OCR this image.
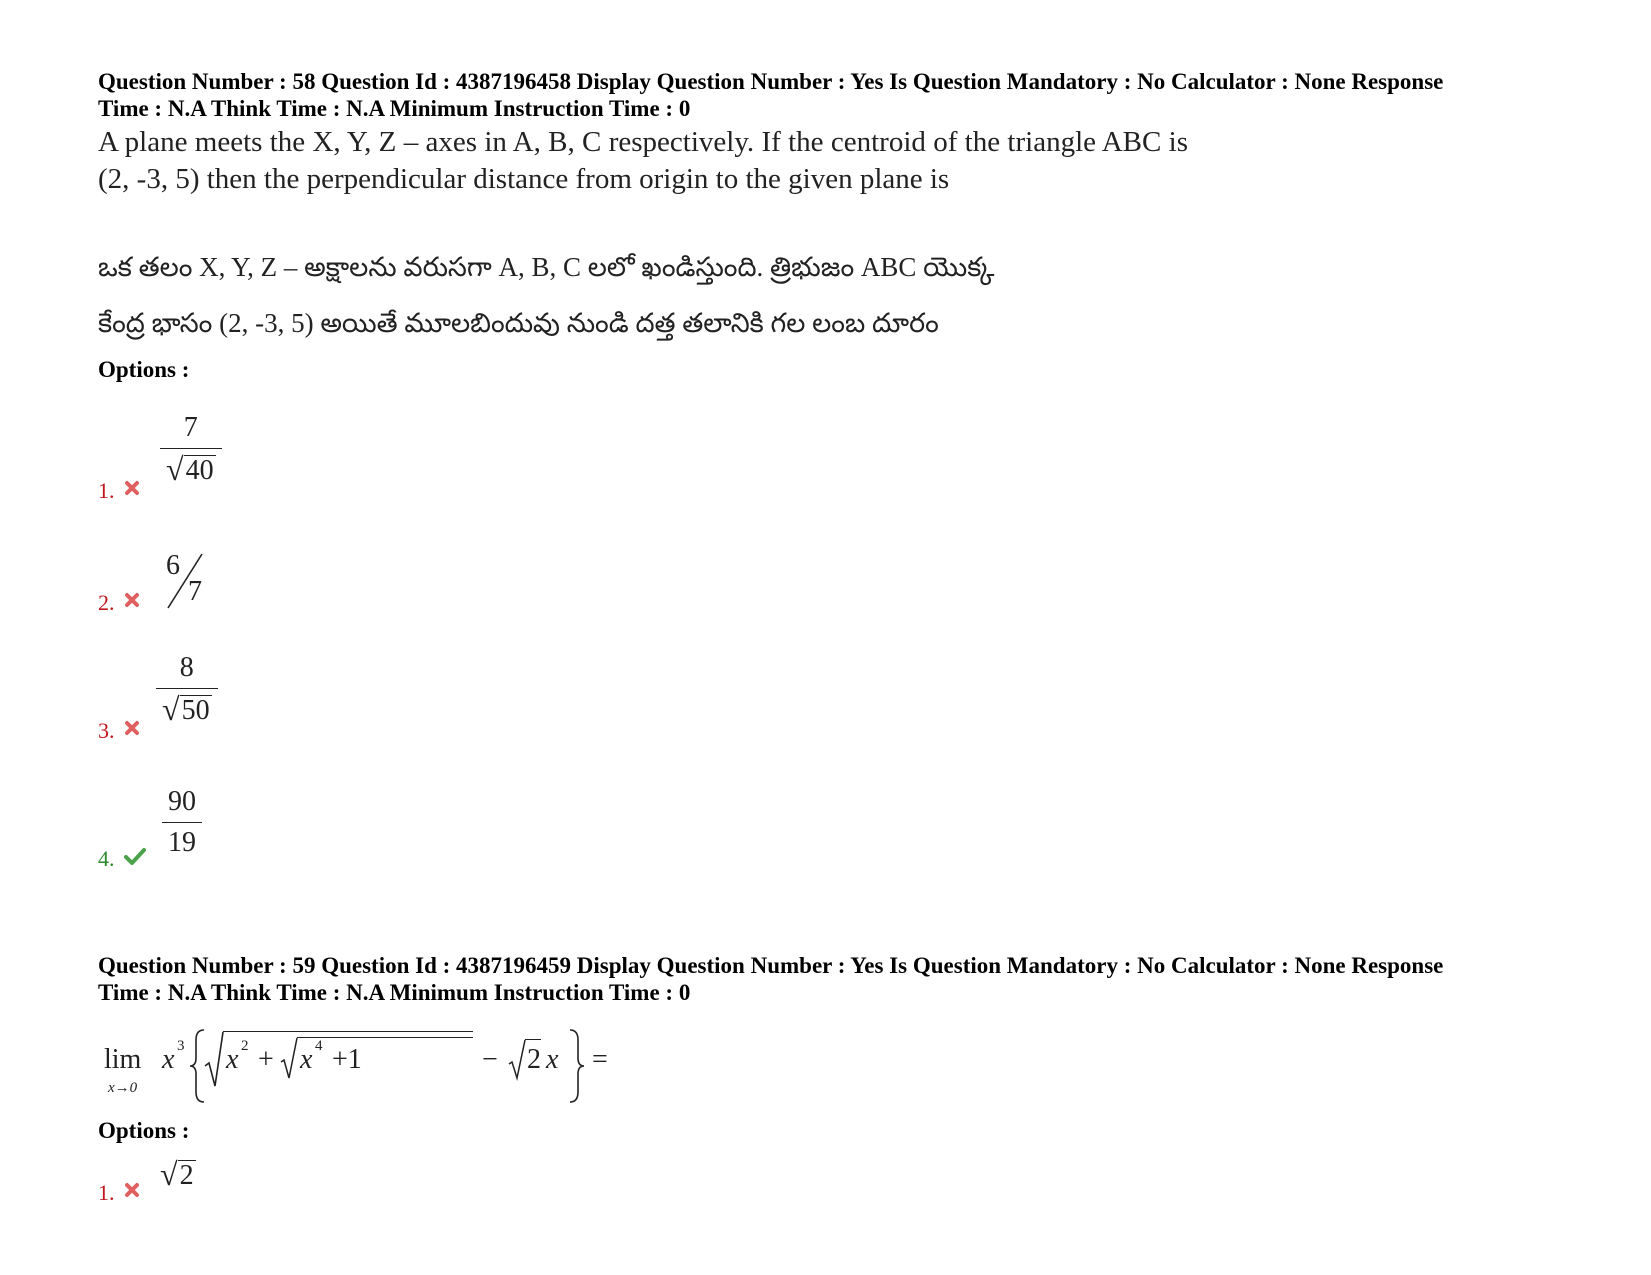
Question Number : 58 Question Id : 4387196458 Display Question Number : Yes Is Question Mandatory : No Calculator : None Response
Time : N.A Think Time : N.A Minimum Instruction Time : 0
A plane meets the X, Y, Z – axes in A, B, C respectively. If the centroid of the triangle ABC is (2, -3, 5) then the perpendicular distance from origin to the given plane is
ఒక తలం X, Y, Z – అక్షాలను వరుసగా A, B, C లలో ఖండిస్తుంది. త్రిభుజం ABC యొక్క
కేంద్ర భాసం (2, -3, 5) అయితే మూలబిందువు నుండి దత్త తలానికి గల లంబ దూరం
Options :
1.
$\frac{7}{√ 40}$
2.
6
7
3.
$\frac{8}{√ 50}$
4. $\frac{90}{19}$
Question Number : 59 Question Id : 4387196459 Display Question Number : Yes Is Question Mandatory : No Calculator : None Response
Time : N.A Think Time : N.A Minimum Instruction Time : 0
lim
x→0
x 3 x 2 + x 4 +1	− 2 x =
Options :
1.
√ 2
